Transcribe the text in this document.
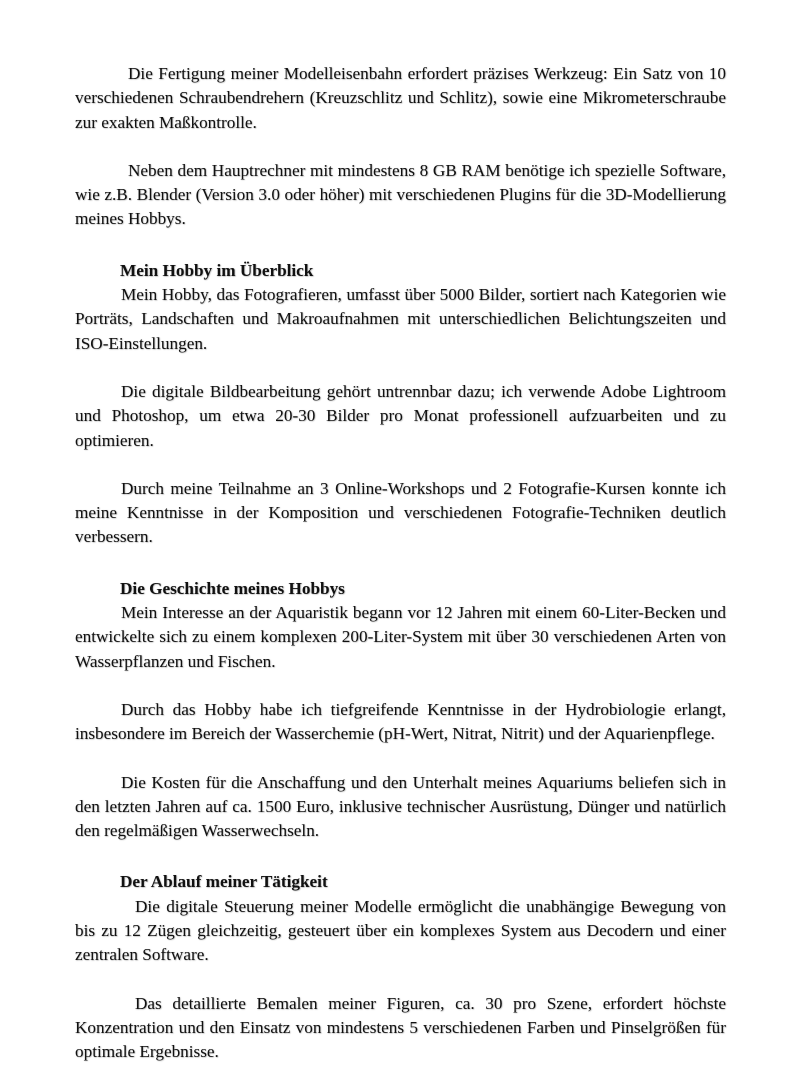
Die Fertigung meiner Modelleisenbahn erfordert präzises Werkzeug: Ein Satz von 10 verschiedenen Schraubendrehern (Kreuzschlitz und Schlitz), sowie eine Mikrometerschraube zur exakten Maßkontrolle.

Neben dem Hauptrechner mit mindestens 8 GB RAM benötige ich spezielle Software, wie z.B. Blender (Version 3.0 oder höher) mit verschiedenen Plugins für die 3D-Modellierung meines Hobbys.

Mein Hobby im Überblick

Mein Hobby, das Fotografieren, umfasst über 5000 Bilder, sortiert nach Kategorien wie Porträts, Landschaften und Makroaufnahmen mit unterschiedlichen Belichtungszeiten und ISO-Einstellungen.

Die digitale Bildbearbeitung gehört untrennbar dazu; ich verwende Adobe Lightroom und Photoshop, um etwa 20-30 Bilder pro Monat professionell aufzuarbeiten und zu optimieren.

Durch meine Teilnahme an 3 Online-Workshops und 2 Fotografie-Kursen konnte ich meine Kenntnisse in der Komposition und verschiedenen Fotografie-Techniken deutlich verbessern.

Die Geschichte meines Hobbys

Mein Interesse an der Aquaristik begann vor 12 Jahren mit einem 60-Liter-Becken und entwickelte sich zu einem komplexen 200-Liter-System mit über 30 verschiedenen Arten von Wasserpflanzen und Fischen.

Durch das Hobby habe ich tiefgreifende Kenntnisse in der Hydrobiologie erlangt, insbesondere im Bereich der Wasserchemie (pH-Wert, Nitrat, Nitrit) und der Aquarienpflege.

Die Kosten für die Anschaffung und den Unterhalt meines Aquariums beliefen sich in den letzten Jahren auf ca. 1500 Euro, inklusive technischer Ausrüstung, Dünger und natürlich den regelmäßigen Wasserwechseln.

Der Ablauf meiner Tätigkeit

Die digitale Steuerung meiner Modelle ermöglicht die unabhängige Bewegung von bis zu 12 Zügen gleichzeitig, gesteuert über ein komplexes System aus Decodern und einer zentralen Software.

Das detaillierte Bemalen meiner Figuren, ca. 30 pro Szene, erfordert höchste Konzentration und den Einsatz von mindestens 5 verschiedenen Farben und Pinselgrößen für optimale Ergebnisse.
